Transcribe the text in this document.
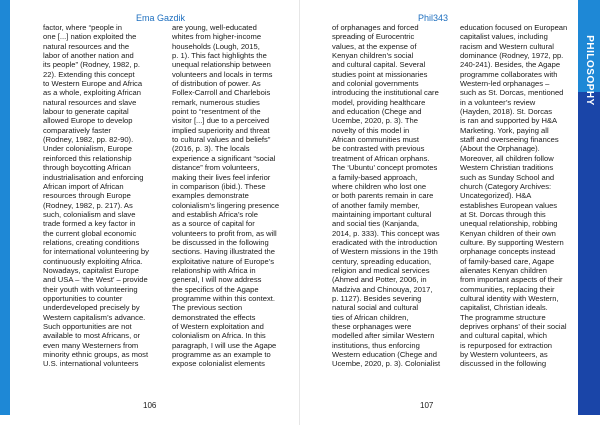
PHILOSOPHY
Ema Gazdik
factor, where “people in
one [...] nation exploited the
natural resources and the
labor of another nation and
its people” (Rodney, 1982, p.
22). Extending this concept
to Western Europe and Africa
as a whole, exploiting African
natural resources and slave
labour to generate capital
allowed Europe to develop
comparatively faster
(Rodney, 1982, pp. 82-90).
Under colonialism, Europe
reinforced this relationship
through boycotting African
industrialisation and enforcing
African import of African
resources through Europe
(Rodney, 1982, p. 217). As
such, colonialism and slave
trade formed a key factor in
the current global economic
relations, creating conditions
for international volunteering by
continuously exploiting Africa.
Nowadays, capitalist Europe
and USA – ‘the West’ – provide
their youth with volunteering
opportunities to counter
underdeveloped precisely by
Western capitalism’s advance.
Such opportunities are not
available to most Africans, or
even many Westerners from
minority ethnic groups, as most
U.S. international volunteers
are young, well-educated
whites from higher-income
households (Lough, 2015,
p. 1). This fact highlights the
unequal relationship between
volunteers and locals in terms
of distribution of power. As
Follex-Carroll and Charlebois
remark, numerous studies
point to “resentment of the
visitor [...] due to a perceived
implied superiority and threat
to cultural values and beliefs”
(2016, p. 3). The locals
experience a significant “social
distance” from volunteers,
making their lives feel inferior
in comparison (ibid.). These
examples demonstrate
colonialism’s lingering presence
and establish Africa’s role
as a source of capital for
volunteers to profit from, as will
be discussed in the following
sections. Having illustrated the
exploitative nature of Europe’s
relationship with Africa in
general, I will now address
the specifics of the Agape
programme within this context.
The previous section
demonstrated the effects
of Western exploitation and
colonialism on Africa. In this
paragraph, I will use the Agape
programme as an example to
expose colonialist elements
106
Phil343
of orphanages and forced
spreading of Eurocentric
values, at the expense of
Kenyan children’s social
and cultural capital. Several
studies point at missionaries
and colonial governments
introducing the institutional care
model, providing healthcare
and education (Chege and
Ucembe, 2020, p. 3). The
novelty of this model in
African communities must
be contrasted with previous
treatment of African orphans.
The ‘Ubuntu’ concept promotes
a family-based approach,
where children who lost one
or both parents remain in care
of another family member,
maintaining important cultural
and social ties (Kanjanda,
2014, p. 333). This concept was
eradicated with the introduction
of Western missions in the 19th
century, spreading education,
religion and medical services
(Ahmed and Potter, 2006, in
Madziva and Chinouya, 2017,
p. 1127). Besides severing
natural social and cultural
ties of African children,
these orphanages were
modelled after similar Western
institutions, thus enforcing
Western education (Chege and
Ucembe, 2020, p. 3). Colonialist
education focused on European
capitalist values, including
racism and Western cultural
dominance (Rodney, 1972, pp.
240-241). Besides, the Agape
programme collaborates with
Western-led orphanages –
such as St. Dorcas, mentioned
in a volunteer’s review
(Hayden, 2018). St. Dorcas
is ran and supported by H&A
Marketing. York, paying all
staff and overseeing finances
(About the Orphanage).
Moreover, all children follow
Western Christian traditions
such as Sunday School and
church (Category Archives:
Uncategorized). H&A
establishes European values
at St. Dorcas through this
unequal relationship, robbing
Kenyan children of their own
culture. By supporting Western
orphanage concepts instead
of family-based care, Agape
alienates Kenyan children
from important aspects of their
communities, replacing their
cultural identity with Western,
capitalist, Christian ideals.
The programme structure
deprives orphans’ of their social
and cultural capital, which
is repurposed for extraction
by Western volunteers, as
discussed in the following
107
